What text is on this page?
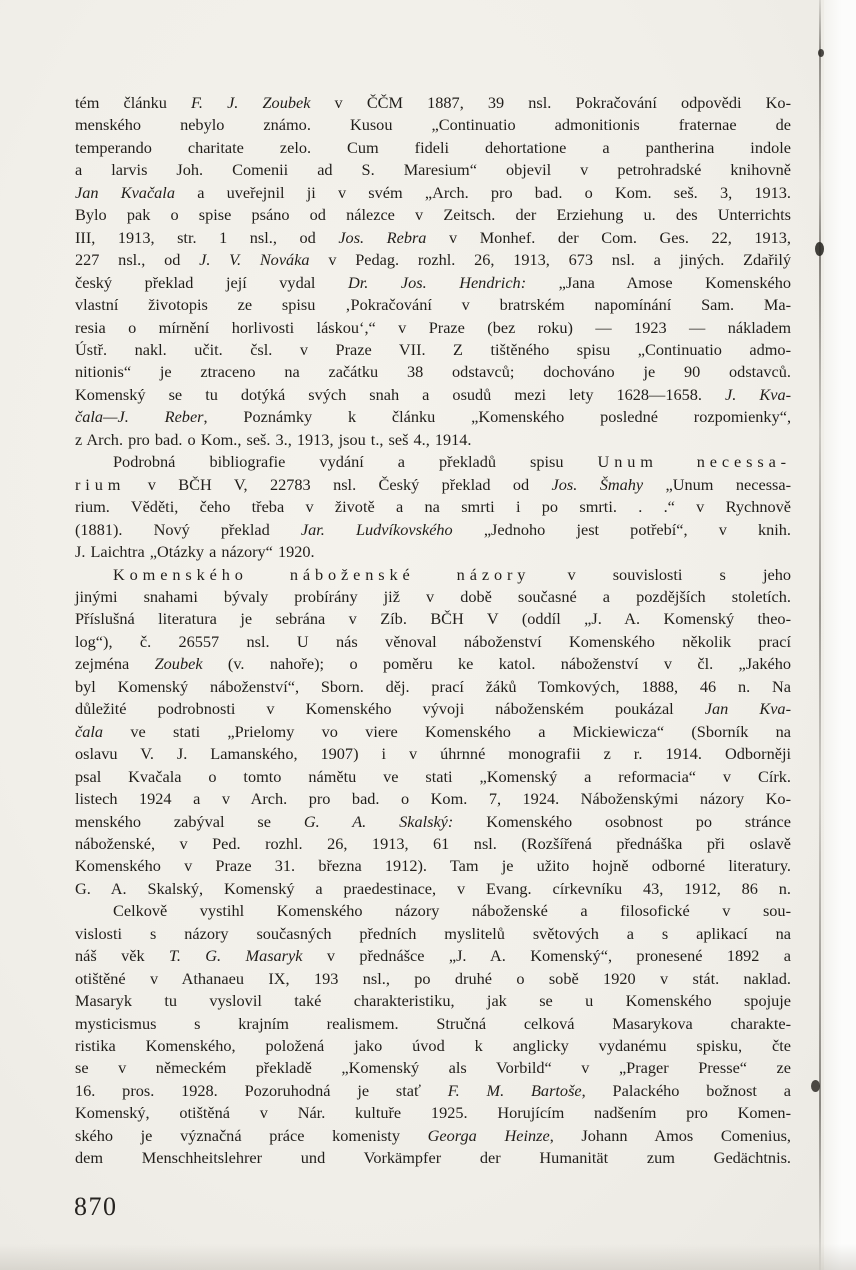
tém článku F. J. Zoubek v ČČM 1887, 39 nsl. Pokračování odpovědi Ko-
menského nebylo známo. Kusou „Continuatio admonitionis fraternae de
temperando charitate zelo. Cum fideli dehortatione a pantherina indole
a larvis Joh. Comenii ad S. Maresium“ objevil v petrohradské knihovně
Jan Kvačala a uveřejnil ji v svém „Arch. pro bad. o Kom. seš. 3, 1913.
Bylo pak o spise psáno od nálezce v Zeitsch. der Erziehung u. des Unterrichts
III, 1913, str. 1 nsl., od Jos. Rebra v Monhef. der Com. Ges. 22, 1913,
227 nsl., od J. V. Nováka v Pedag. rozhl. 26, 1913, 673 nsl. a jiných. Zdařilý
český překlad její vydal Dr. Jos. Hendrich: „Jana Amose Komenského
vlastní životopis ze spisu ‚Pokračování v bratrském napomínání Sam. Ma-
resia o mírnění horlivosti láskou‘,“ v Praze (bez roku) — 1923 — nákladem
Ústř. nakl. učit. čsl. v Praze VII. Z tištěného spisu „Continuatio admo-
nitionis“ je ztraceno na začátku 38 odstavců; dochováno je 90 odstavců.
Komenský se tu dotýká svých snah a osudů mezi lety 1628—1658. J. Kva-
čala—J. Reber, Poznámky k článku „Komenského posledné rozpomienky“,
z Arch. pro bad. o Kom., seš. 3., 1913, jsou t., seš 4., 1914.
Podrobná bibliografie vydání a překladů spisu Unum necessa-
rium v BČH V, 22783 nsl. Český překlad od Jos. Šmahy „Unum necessa-
rium. Věděti, čeho třeba v životě a na smrti i po smrti. . .“ v Rychnově
(1881). Nový překlad Jar. Ludvíkovského „Jednoho jest potřebí“, v knih.
J. Laichtra „Otázky a názory“ 1920.
Komenského náboženské názory v souvislosti s jeho
jinými snahami bývaly probírány již v době současné a pozdějších stoletích.
Příslušná literatura je sebrána v Zíb. BČH V (oddíl „J. A. Komenský theo-
log“), č. 26557 nsl. U nás věnoval náboženství Komenského několik prací
zejména Zoubek (v. nahoře); o poměru ke katol. náboženství v čl. „Jakého
byl Komenský náboženství“, Sborn. děj. prací žáků Tomkových, 1888, 46 n. Na
důležité podrobnosti v Komenského vývoji náboženském poukázal Jan Kva-
čala ve stati „Prielomy vo viere Komenského a Mickiewicza“ (Sborník na
oslavu V. J. Lamanského, 1907) i v úhrnné monografii z r. 1914. Odborněji
psal Kvačala o tomto námětu ve stati „Komenský a reformacia“ v Círk.
listech 1924 a v Arch. pro bad. o Kom. 7, 1924. Náboženskými názory Ko-
menského zabýval se G. A. Skalský: Komenského osobnost po stránce
náboženské, v Ped. rozhl. 26, 1913, 61 nsl. (Rozšířená přednáška při oslavě
Komenského v Praze 31. března 1912). Tam je užito hojně odborné literatury.
G. A. Skalský, Komenský a praedestinace, v Evang. církevníku 43, 1912, 86 n.
Celkově vystihl Komenského názory náboženské a filosofické v sou-
vislosti s názory současných předních myslitelů světových a s aplikací na
náš věk T. G. Masaryk v přednášce „J. A. Komenský“, pronesené 1892 a
otištěné v Athanaeu IX, 193 nsl., po druhé o sobě 1920 v stát. naklad.
Masaryk tu vyslovil také charakteristiku, jak se u Komenského spojuje
mysticismus s krajním realismem. Stručná celková Masarykova charakte-
ristika Komenského, položená jako úvod k anglicky vydanému spisku, čte
se v německém překladě „Komenský als Vorbild“ v „Prager Presse“ ze
16. pros. 1928. Pozoruhodná je stať F. M. Bartoše, Palackého božnost a
Komenský, otištěná v Nár. kultuře 1925. Horujícím nadšením pro Komen-
ského je význačná práce komenisty Georga Heinze, Johann Amos Comenius,
dem Menschheitslehrer und Vorkämpfer der Humanität zum Gedächtnis.
870
